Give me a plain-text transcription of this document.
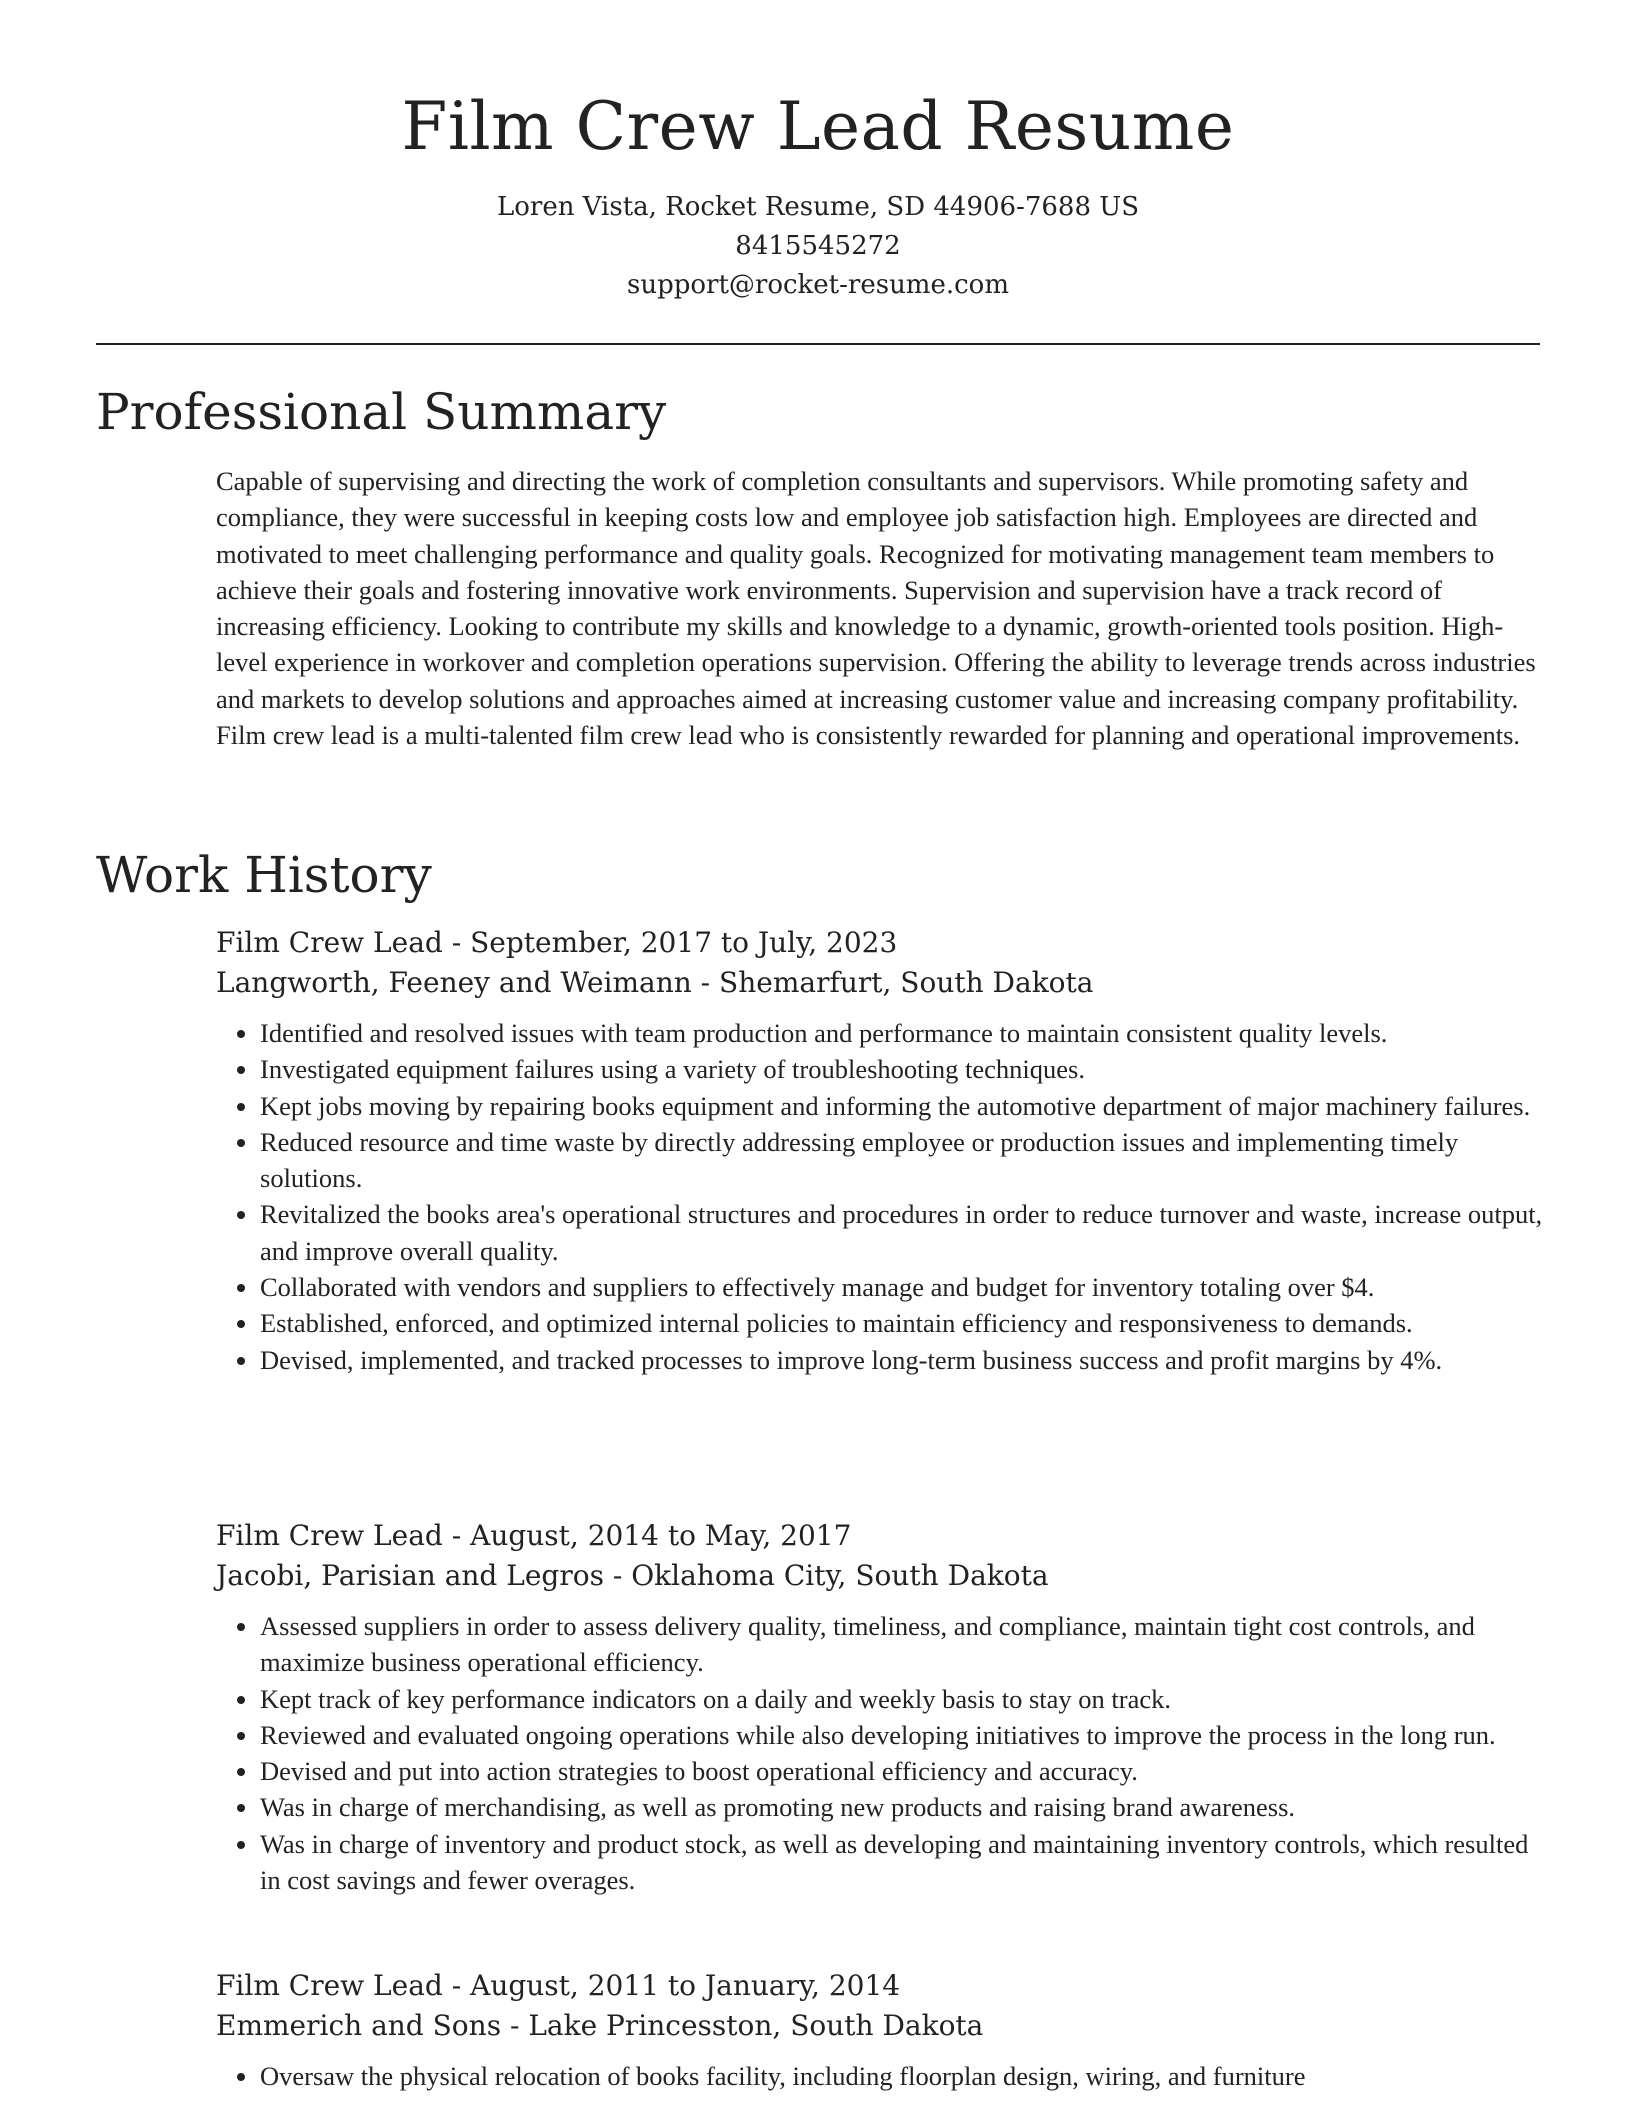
Film Crew Lead Resume
Loren Vista, Rocket Resume, SD 44906-7688 US
8415545272
support@rocket-resume.com
Professional Summary

Capable of supervising and directing the work of completion consultants and supervisors. While promoting safety and compliance, they were successful in keeping costs low and employee job satisfaction high. Employees are directed and motivated to meet challenging performance and quality goals. Recognized for motivating management team members to achieve their goals and fostering innovative work environments. Supervision and supervision have a track record of increasing efficiency. Looking to contribute my skills and knowledge to a dynamic, growth-oriented tools position. High-level experience in workover and completion operations supervision. Offering the ability to leverage trends across industries and markets to develop solutions and approaches aimed at increasing customer value and increasing company profitability. Film crew lead is a multi-talented film crew lead who is consistently rewarded for planning and operational improvements.

Work History
Film Crew Lead - September, 2017 to July, 2023
Langworth, Feeney and Weimann - Shemarfurt, South Dakota
• Identified and resolved issues with team production and performance to maintain consistent quality levels.
• Investigated equipment failures using a variety of troubleshooting techniques.
• Kept jobs moving by repairing books equipment and informing the automotive department of major machinery failures.
• Reduced resource and time waste by directly addressing employee or production issues and implementing timely solutions.
• Revitalized the books area's operational structures and procedures in order to reduce turnover and waste, increase output, and improve overall quality.
• Collaborated with vendors and suppliers to effectively manage and budget for inventory totaling over $4.
• Established, enforced, and optimized internal policies to maintain efficiency and responsiveness to demands.
• Devised, implemented, and tracked processes to improve long-term business success and profit margins by 4%.
Film Crew Lead - August, 2014 to May, 2017
Jacobi, Parisian and Legros - Oklahoma City, South Dakota
• Assessed suppliers in order to assess delivery quality, timeliness, and compliance, maintain tight cost controls, and maximize business operational efficiency.
• Kept track of key performance indicators on a daily and weekly basis to stay on track.
• Reviewed and evaluated ongoing operations while also developing initiatives to improve the process in the long run.
• Devised and put into action strategies to boost operational efficiency and accuracy.
• Was in charge of merchandising, as well as promoting new products and raising brand awareness.
• Was in charge of inventory and product stock, as well as developing and maintaining inventory controls, which resulted in cost savings and fewer overages.
Film Crew Lead - August, 2011 to January, 2014
Emmerich and Sons - Lake Princesston, South Dakota
• Oversaw the physical relocation of books facility, including floorplan design, wiring, and furniture
